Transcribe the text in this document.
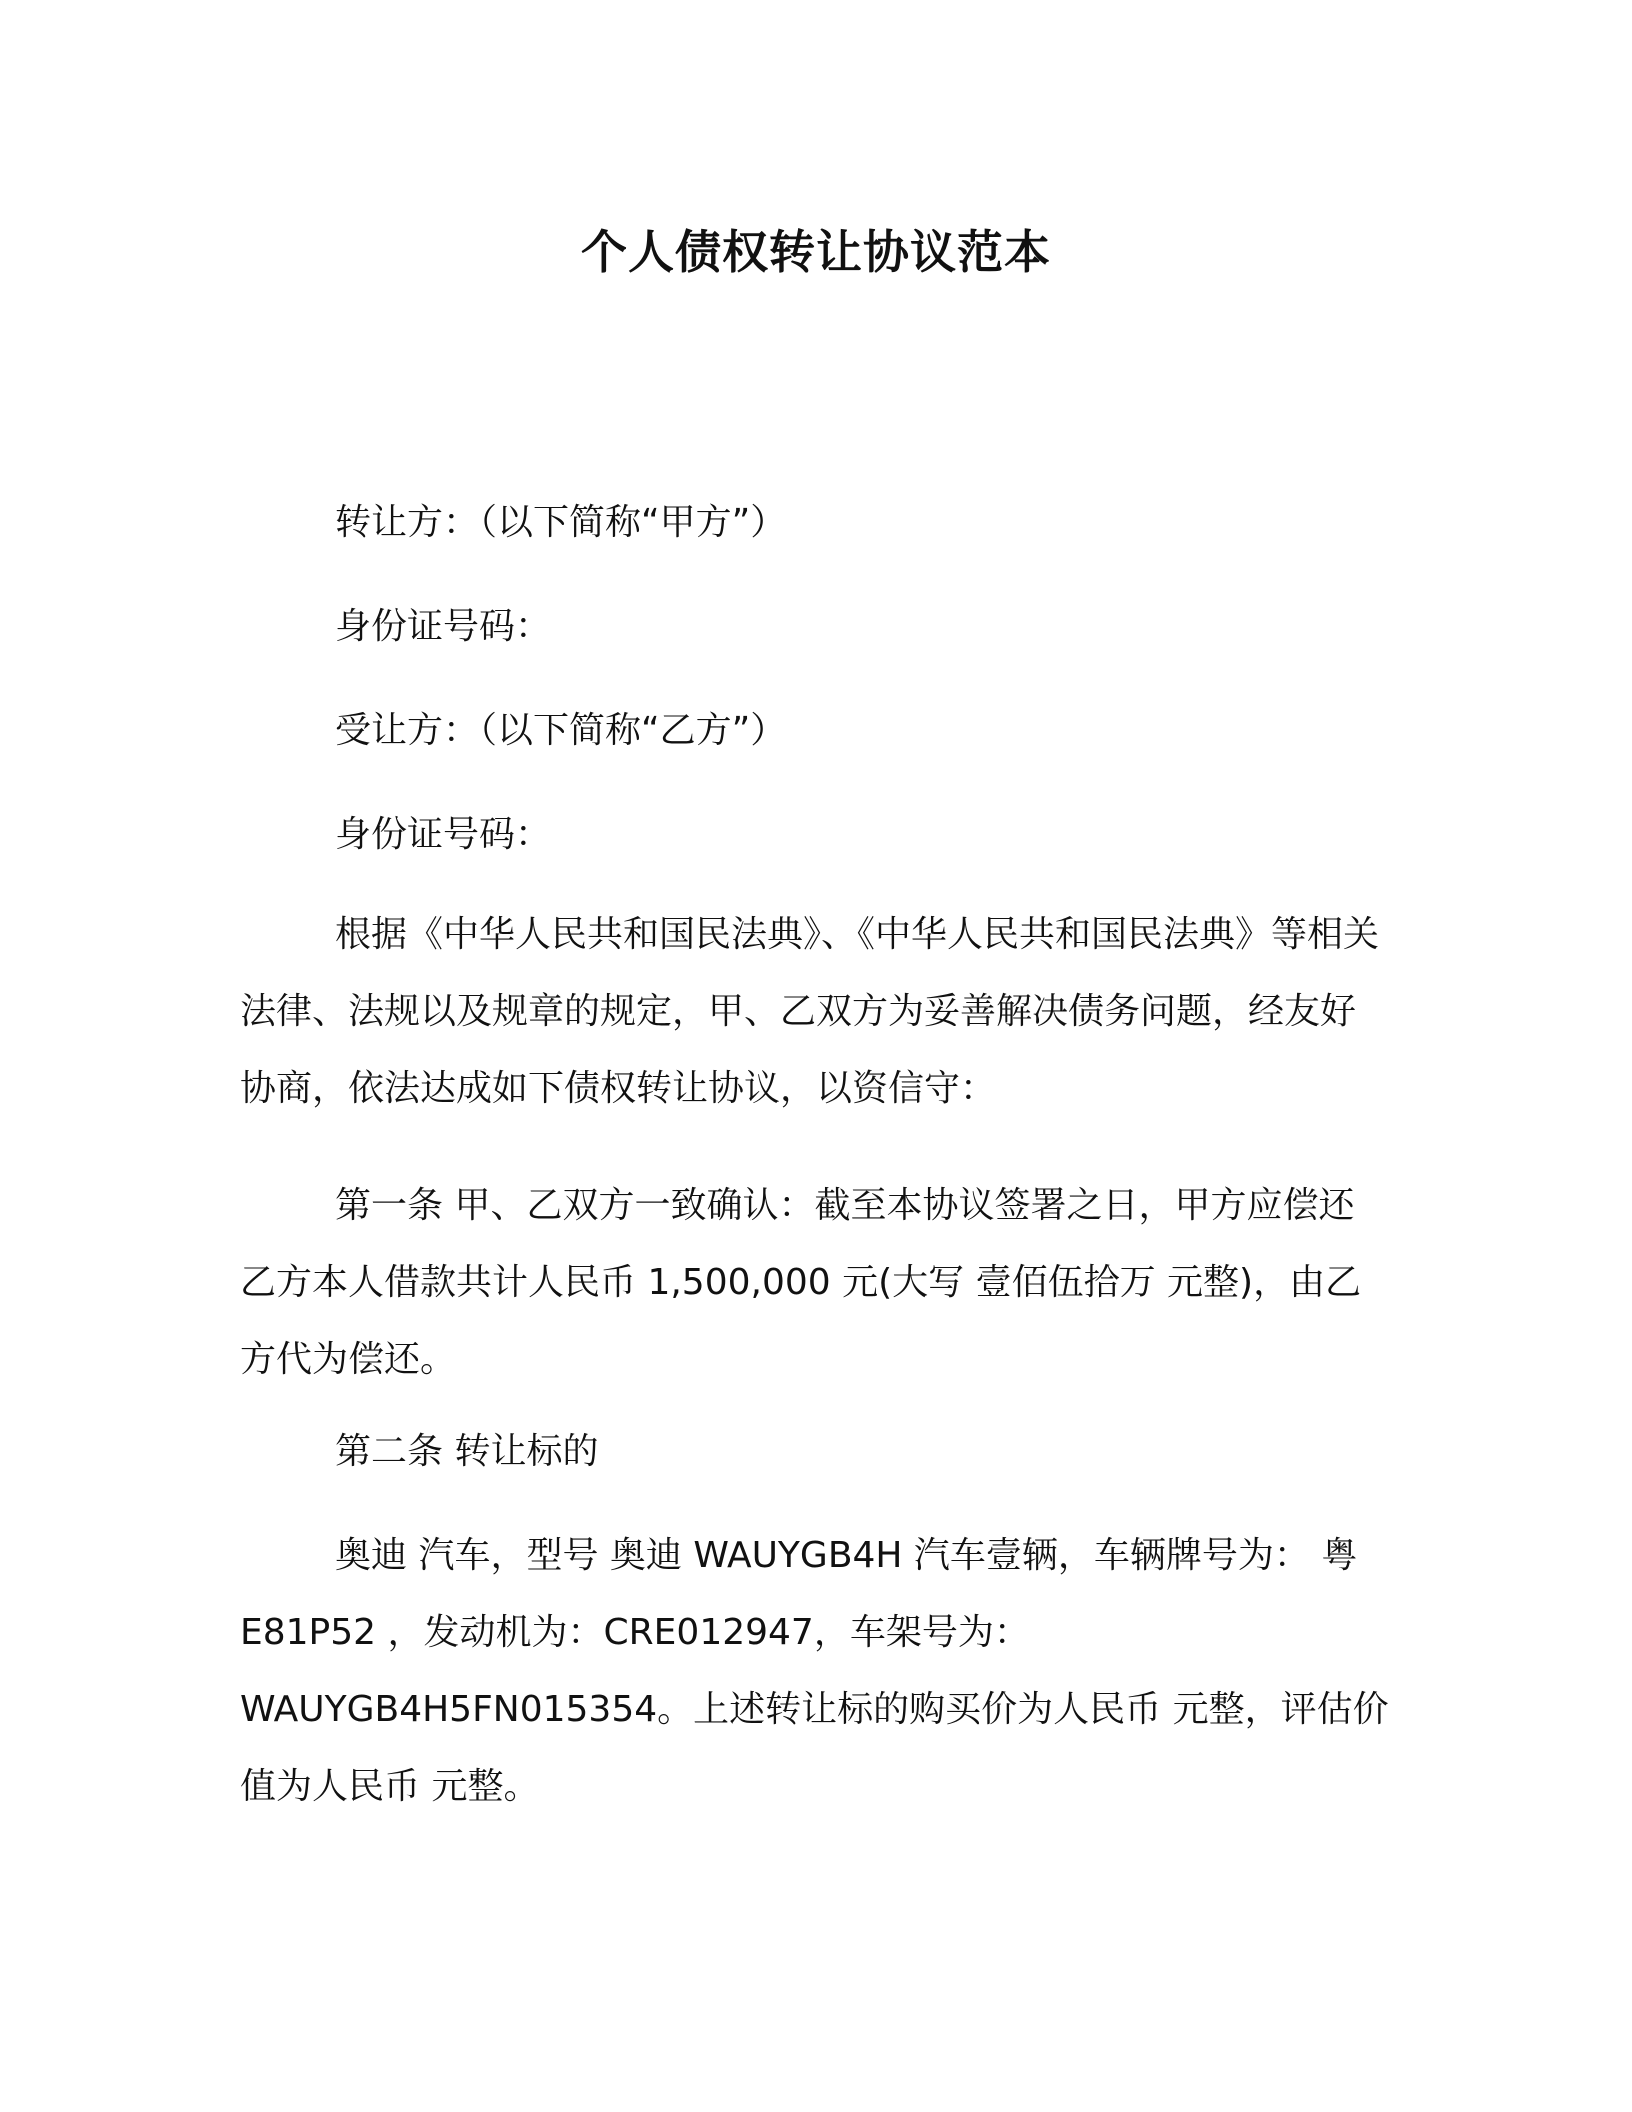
个人债权转让协议范本

转让方：（以下简称“甲方”）

身份证号码：

受让方：（以下简称“乙方”）

身份证号码：

根据《中华人民共和国民法典》、《中华人民共和国民法典》等相关法律、法规以及规章的规定，甲、乙双方为妥善解决债务问题，经友好协商，依法达成如下债权转让协议，以资信守：

第一条 甲、乙双方一致确认：截至本协议签署之日，甲方应偿还乙方本人借款共计人民币 1,500,000 元(大写 壹佰伍拾万 元整)，由乙方代为偿还。

第二条 转让标的

奥迪 汽车，型号 奥迪 WAUYGB4H 汽车壹辆，车辆牌号为： 粤E81P52 ，发动机为：CRE012947，车架号为：WAUYGB4H5FN015354。上述转让标的购买价为人民币 元整，评估价值为人民币 元整。
